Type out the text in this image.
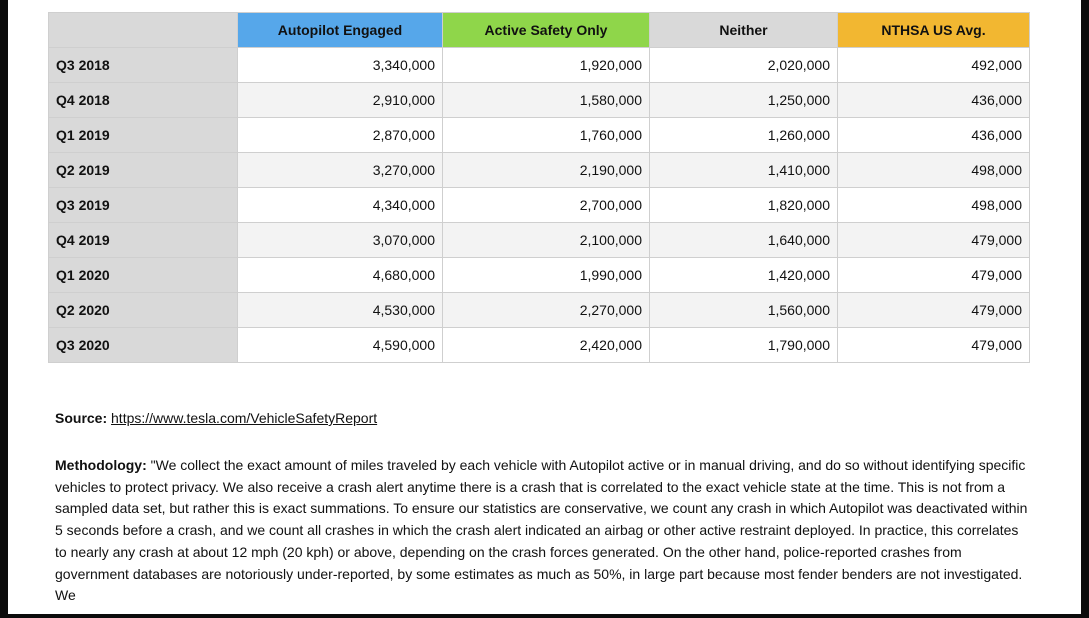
	Autopilot Engaged	Active Safety Only	Neither	NTHSA US Avg.
Q3 2018	3,340,000	1,920,000	2,020,000	492,000
Q4 2018	2,910,000	1,580,000	1,250,000	436,000
Q1 2019	2,870,000	1,760,000	1,260,000	436,000
Q2 2019	3,270,000	2,190,000	1,410,000	498,000
Q3 2019	4,340,000	2,700,000	1,820,000	498,000
Q4 2019	3,070,000	2,100,000	1,640,000	479,000
Q1 2020	4,680,000	1,990,000	1,420,000	479,000
Q2 2020	4,530,000	2,270,000	1,560,000	479,000
Q3 2020	4,590,000	2,420,000	1,790,000	479,000
Source: https://www.tesla.com/VehicleSafetyReport
Methodology: "We collect the exact amount of miles traveled by each vehicle with Autopilot active or in manual driving, and do so without identifying specific vehicles to protect privacy. We also receive a crash alert anytime there is a crash that is correlated to the exact vehicle state at the time. This is not from a sampled data set, but rather this is exact summations. To ensure our statistics are conservative, we count any crash in which Autopilot was deactivated within 5 seconds before a crash, and we count all crashes in which the crash alert indicated an airbag or other active restraint deployed. In practice, this correlates to nearly any crash at about 12 mph (20 kph) or above, depending on the crash forces generated. On the other hand, police-reported crashes from government databases are notoriously under-reported, by some estimates as much as 50%, in large part because most fender benders are not investigated. We
